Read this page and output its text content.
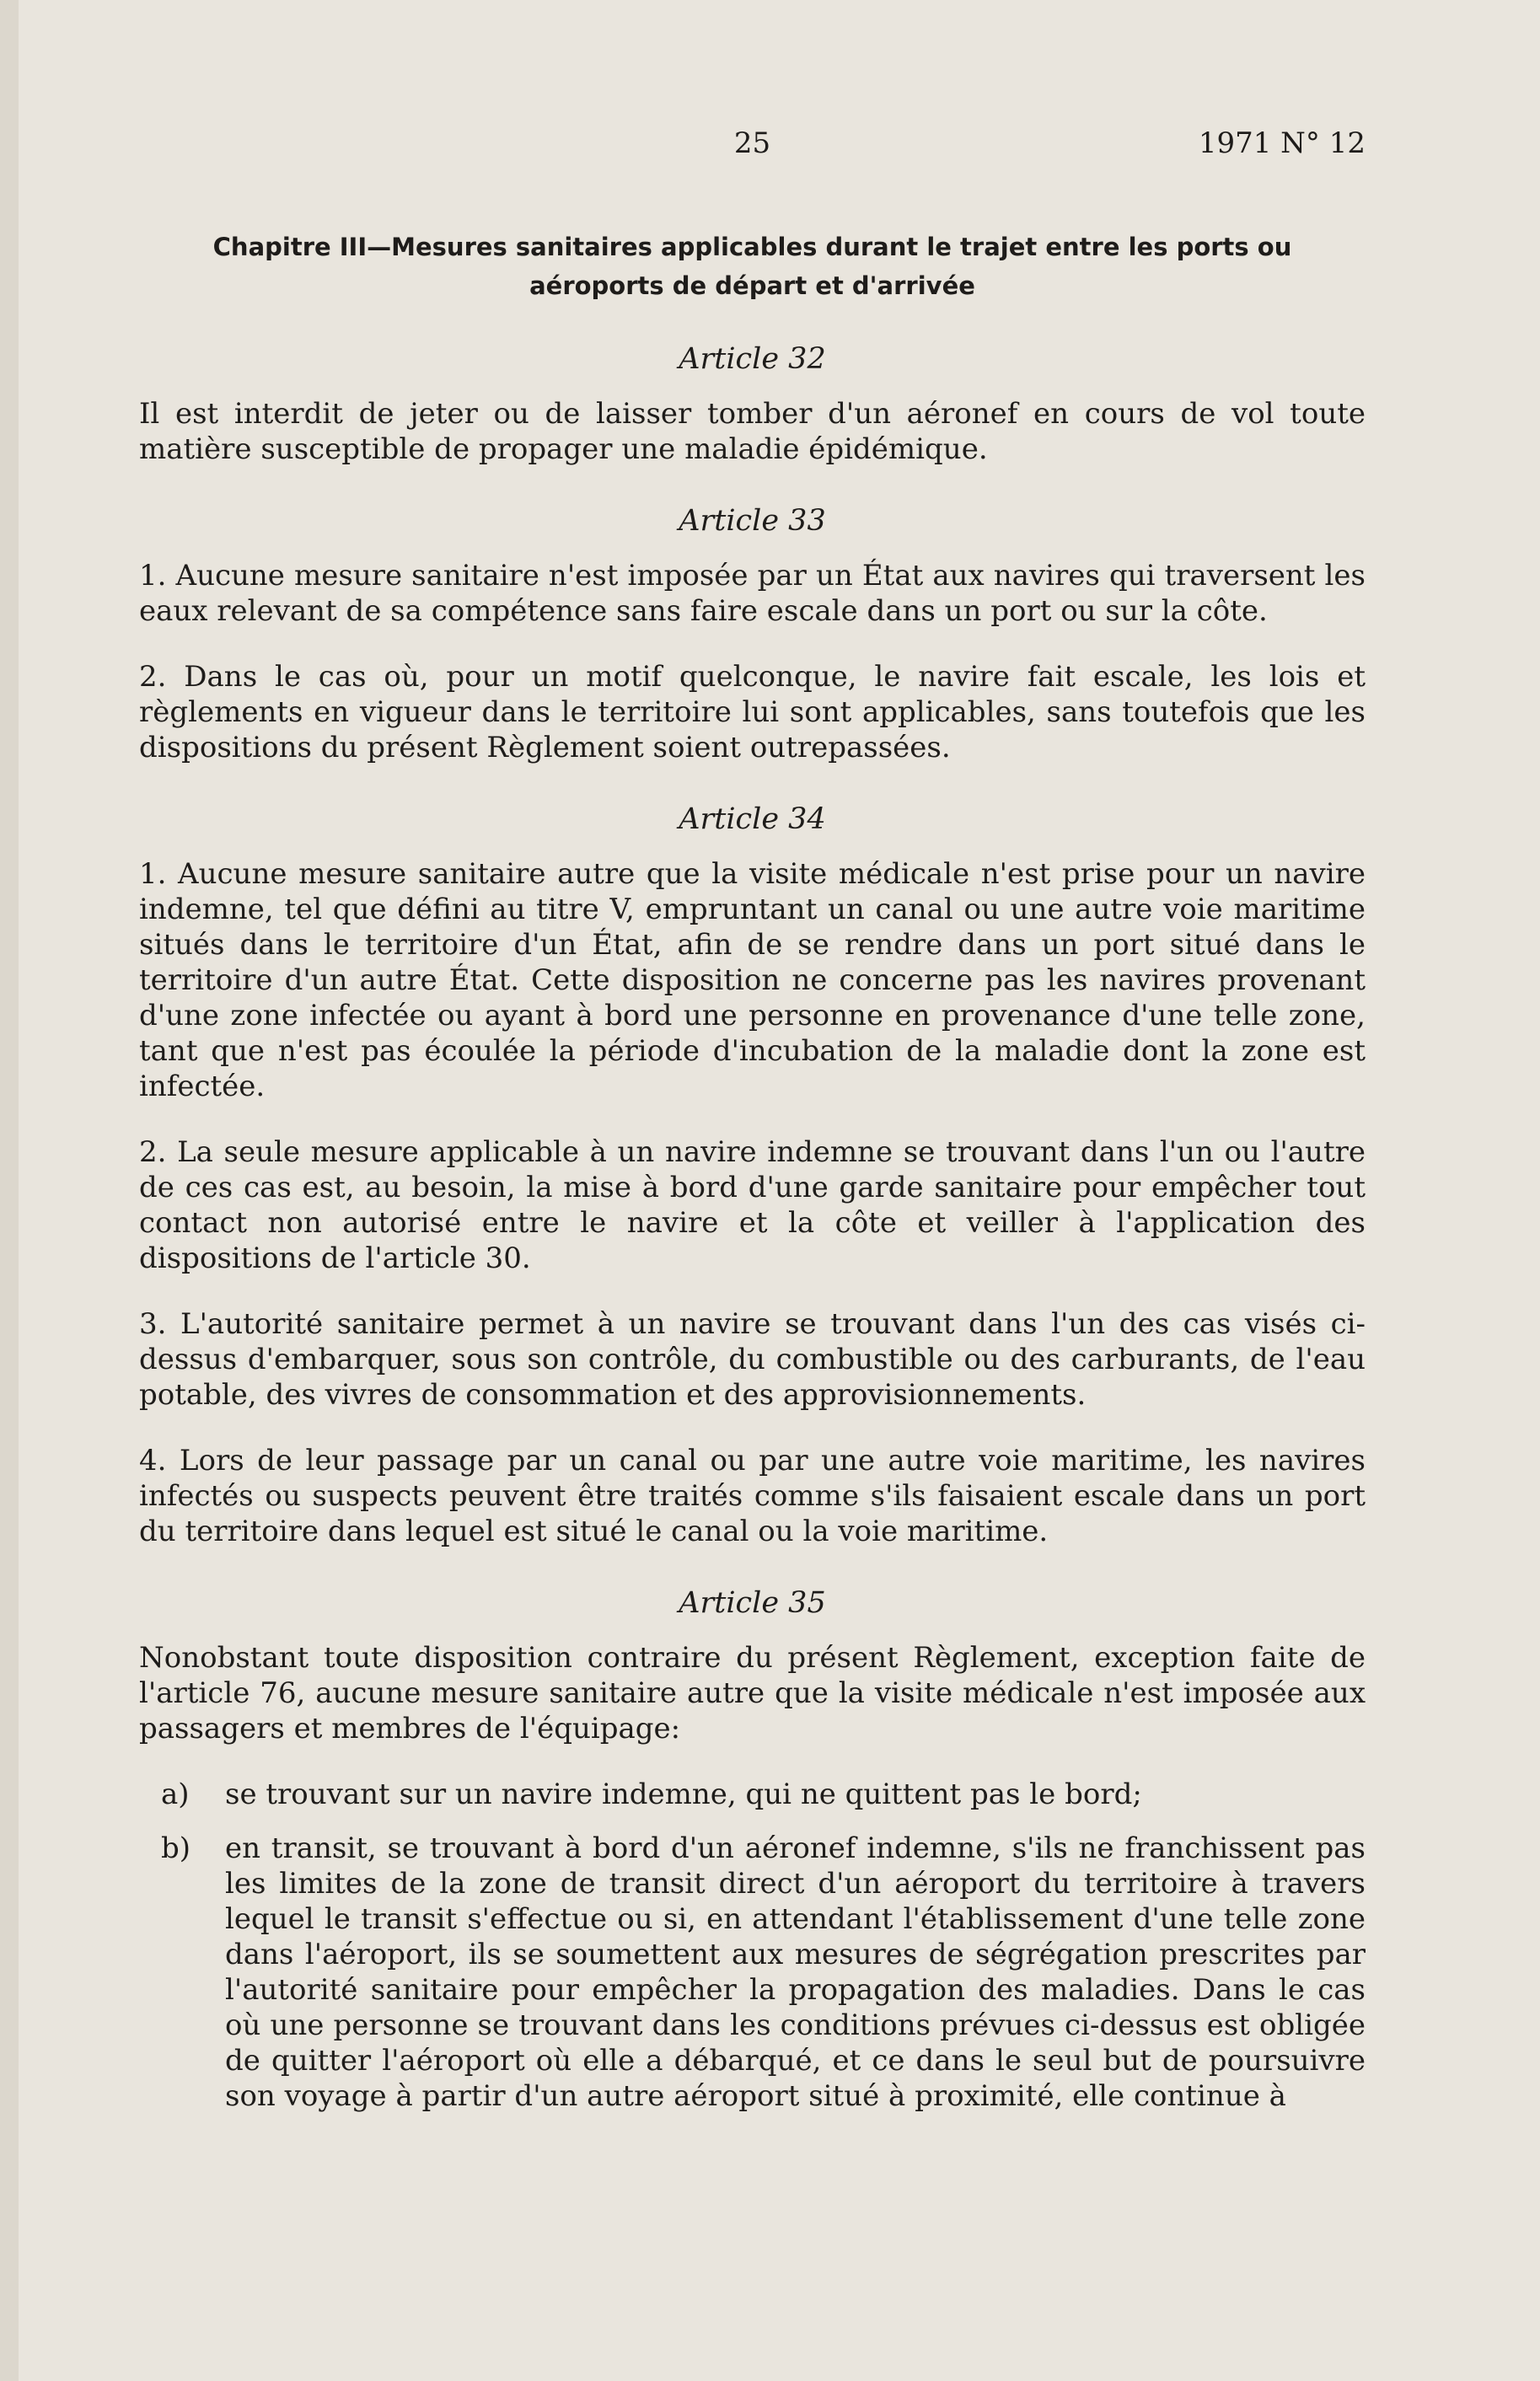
25	1971 N° 12
Chapitre III—Mesures sanitaires applicables durant le trajet entre les ports ou aéroports de départ et d'arrivée
Article 32

Il est interdit de jeter ou de laisser tomber d'un aéronef en cours de vol toute matière susceptible de propager une maladie épidémique.

Article 33

1. Aucune mesure sanitaire n'est imposée par un État aux navires qui traversent les eaux relevant de sa compétence sans faire escale dans un port ou sur la côte.

2. Dans le cas où, pour un motif quelconque, le navire fait escale, les lois et règlements en vigueur dans le territoire lui sont applicables, sans toutefois que les dispositions du présent Règlement soient outrepassées.

Article 34

1. Aucune mesure sanitaire autre que la visite médicale n'est prise pour un navire indemne, tel que défini au titre V, empruntant un canal ou une autre voie maritime situés dans le territoire d'un État, afin de se rendre dans un port situé dans le territoire d'un autre État. Cette disposition ne concerne pas les navires provenant d'une zone infectée ou ayant à bord une personne en provenance d'une telle zone, tant que n'est pas écoulée la période d'incubation de la maladie dont la zone est infectée.

2. La seule mesure applicable à un navire indemne se trouvant dans l'un ou l'autre de ces cas est, au besoin, la mise à bord d'une garde sanitaire pour empêcher tout contact non autorisé entre le navire et la côte et veiller à l'application des dispositions de l'article 30.

3. L'autorité sanitaire permet à un navire se trouvant dans l'un des cas visés ci-dessus d'embarquer, sous son contrôle, du combustible ou des carburants, de l'eau potable, des vivres de consommation et des approvisionnements.

4. Lors de leur passage par un canal ou par une autre voie maritime, les navires infectés ou suspects peuvent être traités comme s'ils faisaient escale dans un port du territoire dans lequel est situé le canal ou la voie maritime.

Article 35

Nonobstant toute disposition contraire du présent Règlement, exception faite de l'article 76, aucune mesure sanitaire autre que la visite médicale n'est imposée aux passagers et membres de l'équipage:

a) se trouvant sur un navire indemne, qui ne quittent pas le bord;
b) en transit, se trouvant à bord d'un aéronef indemne, s'ils ne franchissent pas les limites de la zone de transit direct d'un aéroport du territoire à travers lequel le transit s'effectue ou si, en attendant l'établissement d'une telle zone dans l'aéroport, ils se soumettent aux mesures de ségrégation prescrites par l'autorité sanitaire pour empêcher la propagation des maladies. Dans le cas où une personne se trouvant dans les conditions prévues ci-dessus est obligée de quitter l'aéroport où elle a débarqué, et ce dans le seul but de poursuivre son voyage à partir d'un autre aéroport situé à proximité, elle continue à
